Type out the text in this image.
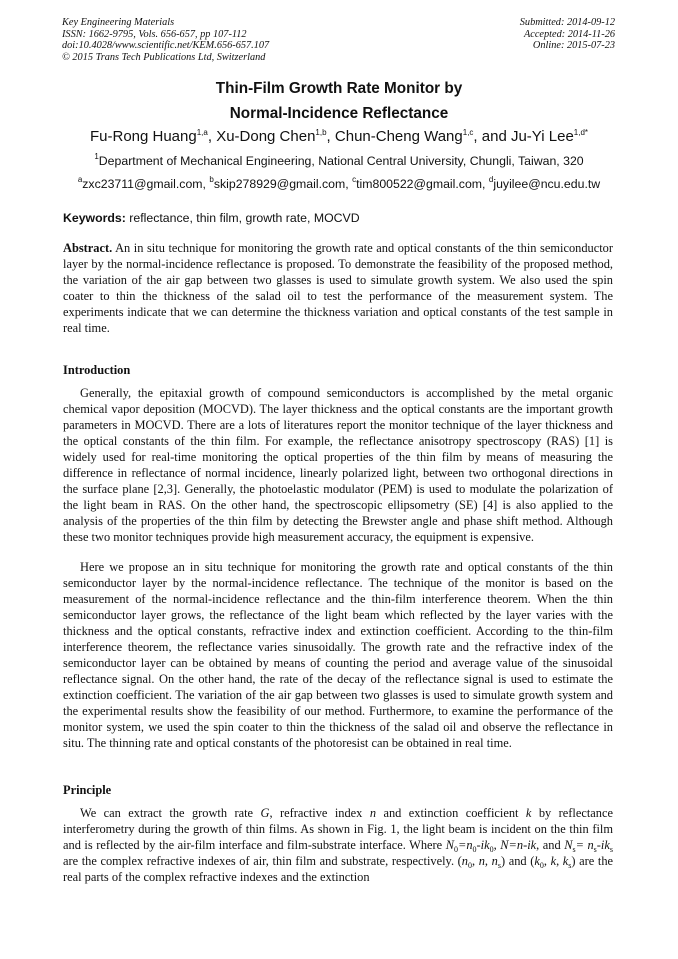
Key Engineering Materials
ISSN: 1662-9795, Vols. 656-657, pp 107-112
doi:10.4028/www.scientific.net/KEM.656-657.107
© 2015 Trans Tech Publications Ltd, Switzerland
Submitted: 2014-09-12
Accepted: 2014-11-26
Online: 2015-07-23
Thin-Film Growth Rate Monitor by
Normal-Incidence Reflectance
Fu-Rong Huang$^{1,a}$, Xu-Dong Chen$^{1,b}$, Chun-Cheng Wang$^{1,c}$, and Ju-Yi Lee$^{1,d*}$
$^1$Department of Mechanical Engineering, National Central University, Chungli, Taiwan, 320
$^a$zxc23711@gmail.com, $^b$skip278929@gmail.com, $^c$tim800522@gmail.com, $^d$juyilee@ncu.edu.tw
Keywords: reflectance, thin film, growth rate, MOCVD

Abstract. An in situ technique for monitoring the growth rate and optical constants of the thin semiconductor layer by the normal-incidence reflectance is proposed. To demonstrate the feasibility of the proposed method, the variation of the air gap between two glasses is used to simulate growth system. We also used the spin coater to thin the thickness of the salad oil to test the performance of the measurement system. The experiments indicate that we can determine the thickness variation and optical constants of the test sample in real time.

Introduction

Generally, the epitaxial growth of compound semiconductors is accomplished by the metal organic chemical vapor deposition (MOCVD). The layer thickness and the optical constants are the important growth parameters in MOCVD. There are a lots of literatures report the monitor technique of the layer thickness and the optical constants of the thin film. For example, the reflectance anisotropy spectroscopy (RAS) [1] is widely used for real-time monitoring the optical properties of the thin film by means of measuring the difference in reflectance of normal incidence, linearly polarized light, between two orthogonal directions in the surface plane [2,3]. Generally, the photoelastic modulator (PEM) is used to modulate the polarization of the light beam in RAS. On the other hand, the spectroscopic ellipsometry (SE) [4] is also applied to the analysis of the properties of the thin film by detecting the Brewster angle and phase shift method. Although these two monitor techniques provide high measurement accuracy, the equipment is expensive.

Here we propose an in situ technique for monitoring the growth rate and optical constants of the thin semiconductor layer by the normal-incidence reflectance. The technique of the monitor is based on the measurement of the normal-incidence reflectance and the thin-film interference theorem. When the thin semiconductor layer grows, the reflectance of the light beam which reflected by the layer varies with the thickness and the optical constants, refractive index and extinction coefficient. According to the thin-film interference theorem, the reflectance varies sinusoidally. The growth rate and the refractive index of the semiconductor layer can be obtained by means of counting the period and average value of the sinusoidal reflectance signal. On the other hand, the rate of the decay of the reflectance signal is used to estimate the extinction coefficient. The variation of the air gap between two glasses is used to simulate growth system and the experimental results show the feasibility of our method. Furthermore, to examine the performance of the monitor system, we used the spin coater to thin the thickness of the salad oil and observe the reflectance in situ. The thinning rate and optical constants of the photoresist can be obtained in real time.

Principle

We can extract the growth rate G, refractive index n and extinction coefficient k by reflectance interferometry during the growth of thin films. As shown in Fig. 1, the light beam is incident on the thin film and is reflected by the air-film interface and film-substrate interface. Where $N_0=n_0-ik_0$, N=n-ik, and $N_s= n_s-ik_s$ are the complex refractive indexes of air, thin film and substrate, respectively. ($n_0$, n, $n_s$) and ($k_0$, k, $k_s$) are the real parts of the complex refractive indexes and the extinction
